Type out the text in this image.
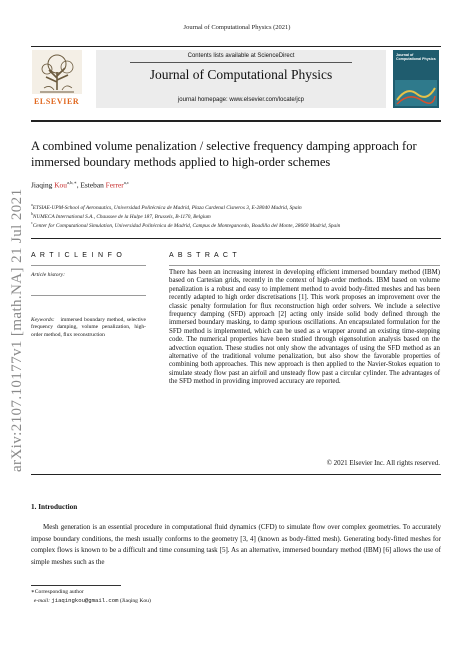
Journal of Computational Physics (2021)
arXiv:2107.10177v1 [math.NA] 21 Jul 2021
ELSEVIER
Contents lists available at ScienceDirect
Journal of Computational Physics
journal homepage: www.elsevier.com/locate/jcp
Journal of Computational Physics
A combined volume penalization / selective frequency damping approach for immersed boundary methods applied to high-order schemes
Jiaqing Kou$^{a,b,∗}$, Esteban Ferrer$^{a,c}$
$^a$ETSIAE-UPM-School of Aeronautics, Universidad Politécnica de Madrid, Plaza Cardenal Cisneros 3, E-28040 Madrid, Spain
$^b$NUMECA International S.A., Chaussee de la Hulpe 187, Brussels, B-1170, Belgium
$^c$Center for Computational Simulation, Universidad Politécnica de Madrid, Campus de Montegancedo, Boadilla del Monte, 28660 Madrid, Spain
A R T I C L E I N F O
Article history:
Keywords: immersed boundary method, selective frequency damping, volume penalization, high-order method, flux reconstruction
A B S T R A C T
There has been an increasing interest in developing efficient immersed boundary method (IBM) based on Cartesian grids, recently in the context of high-order methods. IBM based on volume penalization is a robust and easy to implement method to avoid body-fitted meshes and has been recently adapted to high order discretisations [1]. This work proposes an improvement over the classic penalty formulation for flux reconstruction high order solvers. We include a selective frequency damping (SFD) approach [2] acting only inside solid body defined through the immersed boundary masking, to damp spurious oscillations. An encapsulated formulation for the SFD method is implemented, which can be used as a wrapper around an existing time-stepping code. The numerical properties have been studied through eigensolution analysis based on the advection equation. These studies not only show the advantages of using the SFD method as an alternative of the traditional volume penalization, but also show the favorable properties of combining both approaches. This new approach is then applied to the Navier-Stokes equation to simulate steady flow past an airfoil and unsteady flow past a circular cylinder. The advantages of the SFD method in providing improved accuracy are reported.
© 2021 Elsevier Inc. All rights reserved.
1. Introduction
Mesh generation is an essential procedure in computational fluid dynamics (CFD) to simulate flow over complex geometries. To accurately impose boundary conditions, the mesh usually conforms to the geometry [3, 4] (known as body-fitted mesh). Generating body-fitted meshes for complex flows is known to be a difficult and time consuming task [5]. As an alternative, immersed boundary method (IBM) [6] allows the use of simple meshes such as the
∗Corresponding author
e-mail: jiaqingkou@gmail.com (Jiaqing Kou)
